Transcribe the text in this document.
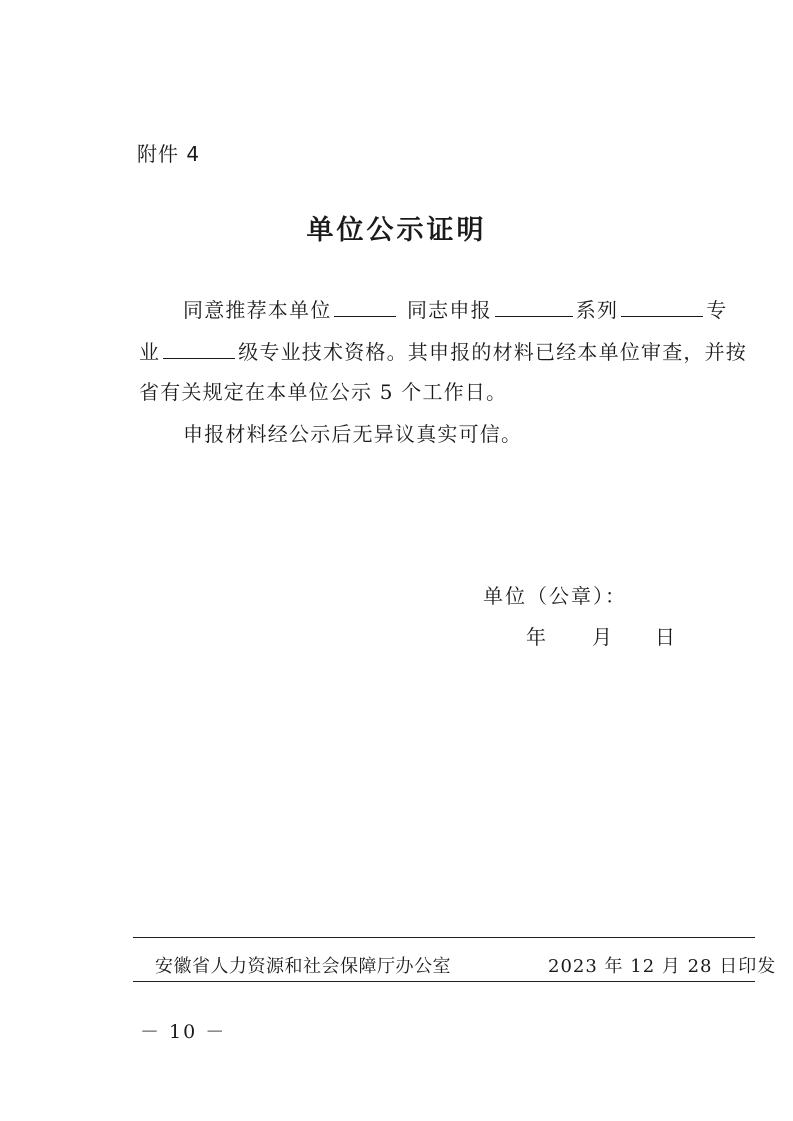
附件 4
单位公示证明
同意推荐本单位	同志申报	系列	专
业	级专业技术资格。其申报的材料已经本单位审查，并按
省有关规定在本单位公示 5 个工作日。
申报材料经公示后无异议真实可信。
单位（公章）：
年 月 日
安徽省人力资源和社会保障厅办公室	2023 年 12 月 28 日印发
－ 10 －
